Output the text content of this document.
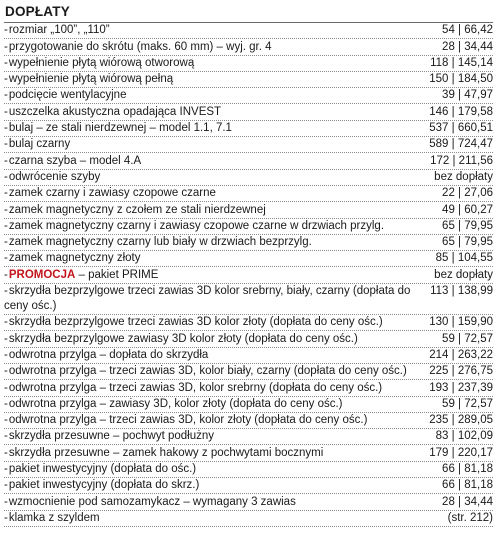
DOPŁATY
-rozmiar „100”, „110”	54 | 66,42
-przygotowanie do skrótu (maks. 60 mm) – wyj. gr. 4	28 | 34,44
-wypełnienie płytą wiórową otworową	118 | 145,14
-wypełnienie płytą wiórową pełną	150 | 184,50
-podcięcie wentylacyjne	39 | 47,97
-uszczelka akustyczna opadająca INVEST	146 | 179,58
-bulaj – ze stali nierdzewnej – model 1.1, 7.1	537 | 660,51
-bulaj czarny	589 | 724,47
-czarna szyba – model 4.A	172 | 211,56
-odwrócenie szyby	bez dopłaty
-zamek czarny i zawiasy czopowe czarne	22 | 27,06
-zamek magnetyczny z czołem ze stali nierdzewnej	49 | 60,27
-zamek magnetyczny czarny i zawiasy czopowe czarne w drzwiach przylg.	65 | 79,95
-zamek magnetyczny czarny lub biały w drzwiach bezprzylg.	65 | 79,95
-zamek magnetyczny złoty	85 | 104,55
-PROMOCJA – pakiet PRIME	bez dopłaty
-skrzydła bezprzylgowe trzeci zawias 3D kolor srebrny, biały, czarny (dopłata do ceny ośc.)
113 | 138,99
-skrzydła bezprzylgowe trzeci zawias 3D kolor złoty (dopłata do ceny ośc.)	130 | 159,90
-skrzydła bezprzylgowe zawiasy 3D kolor złoty (dopłata do ceny ośc.)	59 | 72,57
-odwrotna przylga – dopłata do skrzydła	214 | 263,22
-odwrotna przylga – trzeci zawias 3D, kolor biały, czarny (dopłata do ceny ośc.)	225 | 276,75
-odwrotna przylga – trzeci zawias 3D, kolor srebrny (dopłata do ceny ośc.)	193 | 237,39
-odwrotna przylga – zawiasy 3D, kolor złoty (dopłata do ceny ośc.)	59 | 72,57
-odwrotna przylga – trzeci zawias 3D, kolor złoty (dopłata do ceny ośc.)	235 | 289,05
-skrzydła przesuwne – pochwyt podłużny	83 | 102,09
-skrzydła przesuwne – zamek hakowy z pochwytami bocznymi	179 | 220,17
-pakiet inwestycyjny (dopłata do ośc.)	66 | 81,18
-pakiet inwestycyjny (dopłata do skrz.)	66 | 81,18
-wzmocnienie pod samozamykacz – wymagany 3 zawias	28 | 34,44
-klamka z szyldem	(str. 212)
